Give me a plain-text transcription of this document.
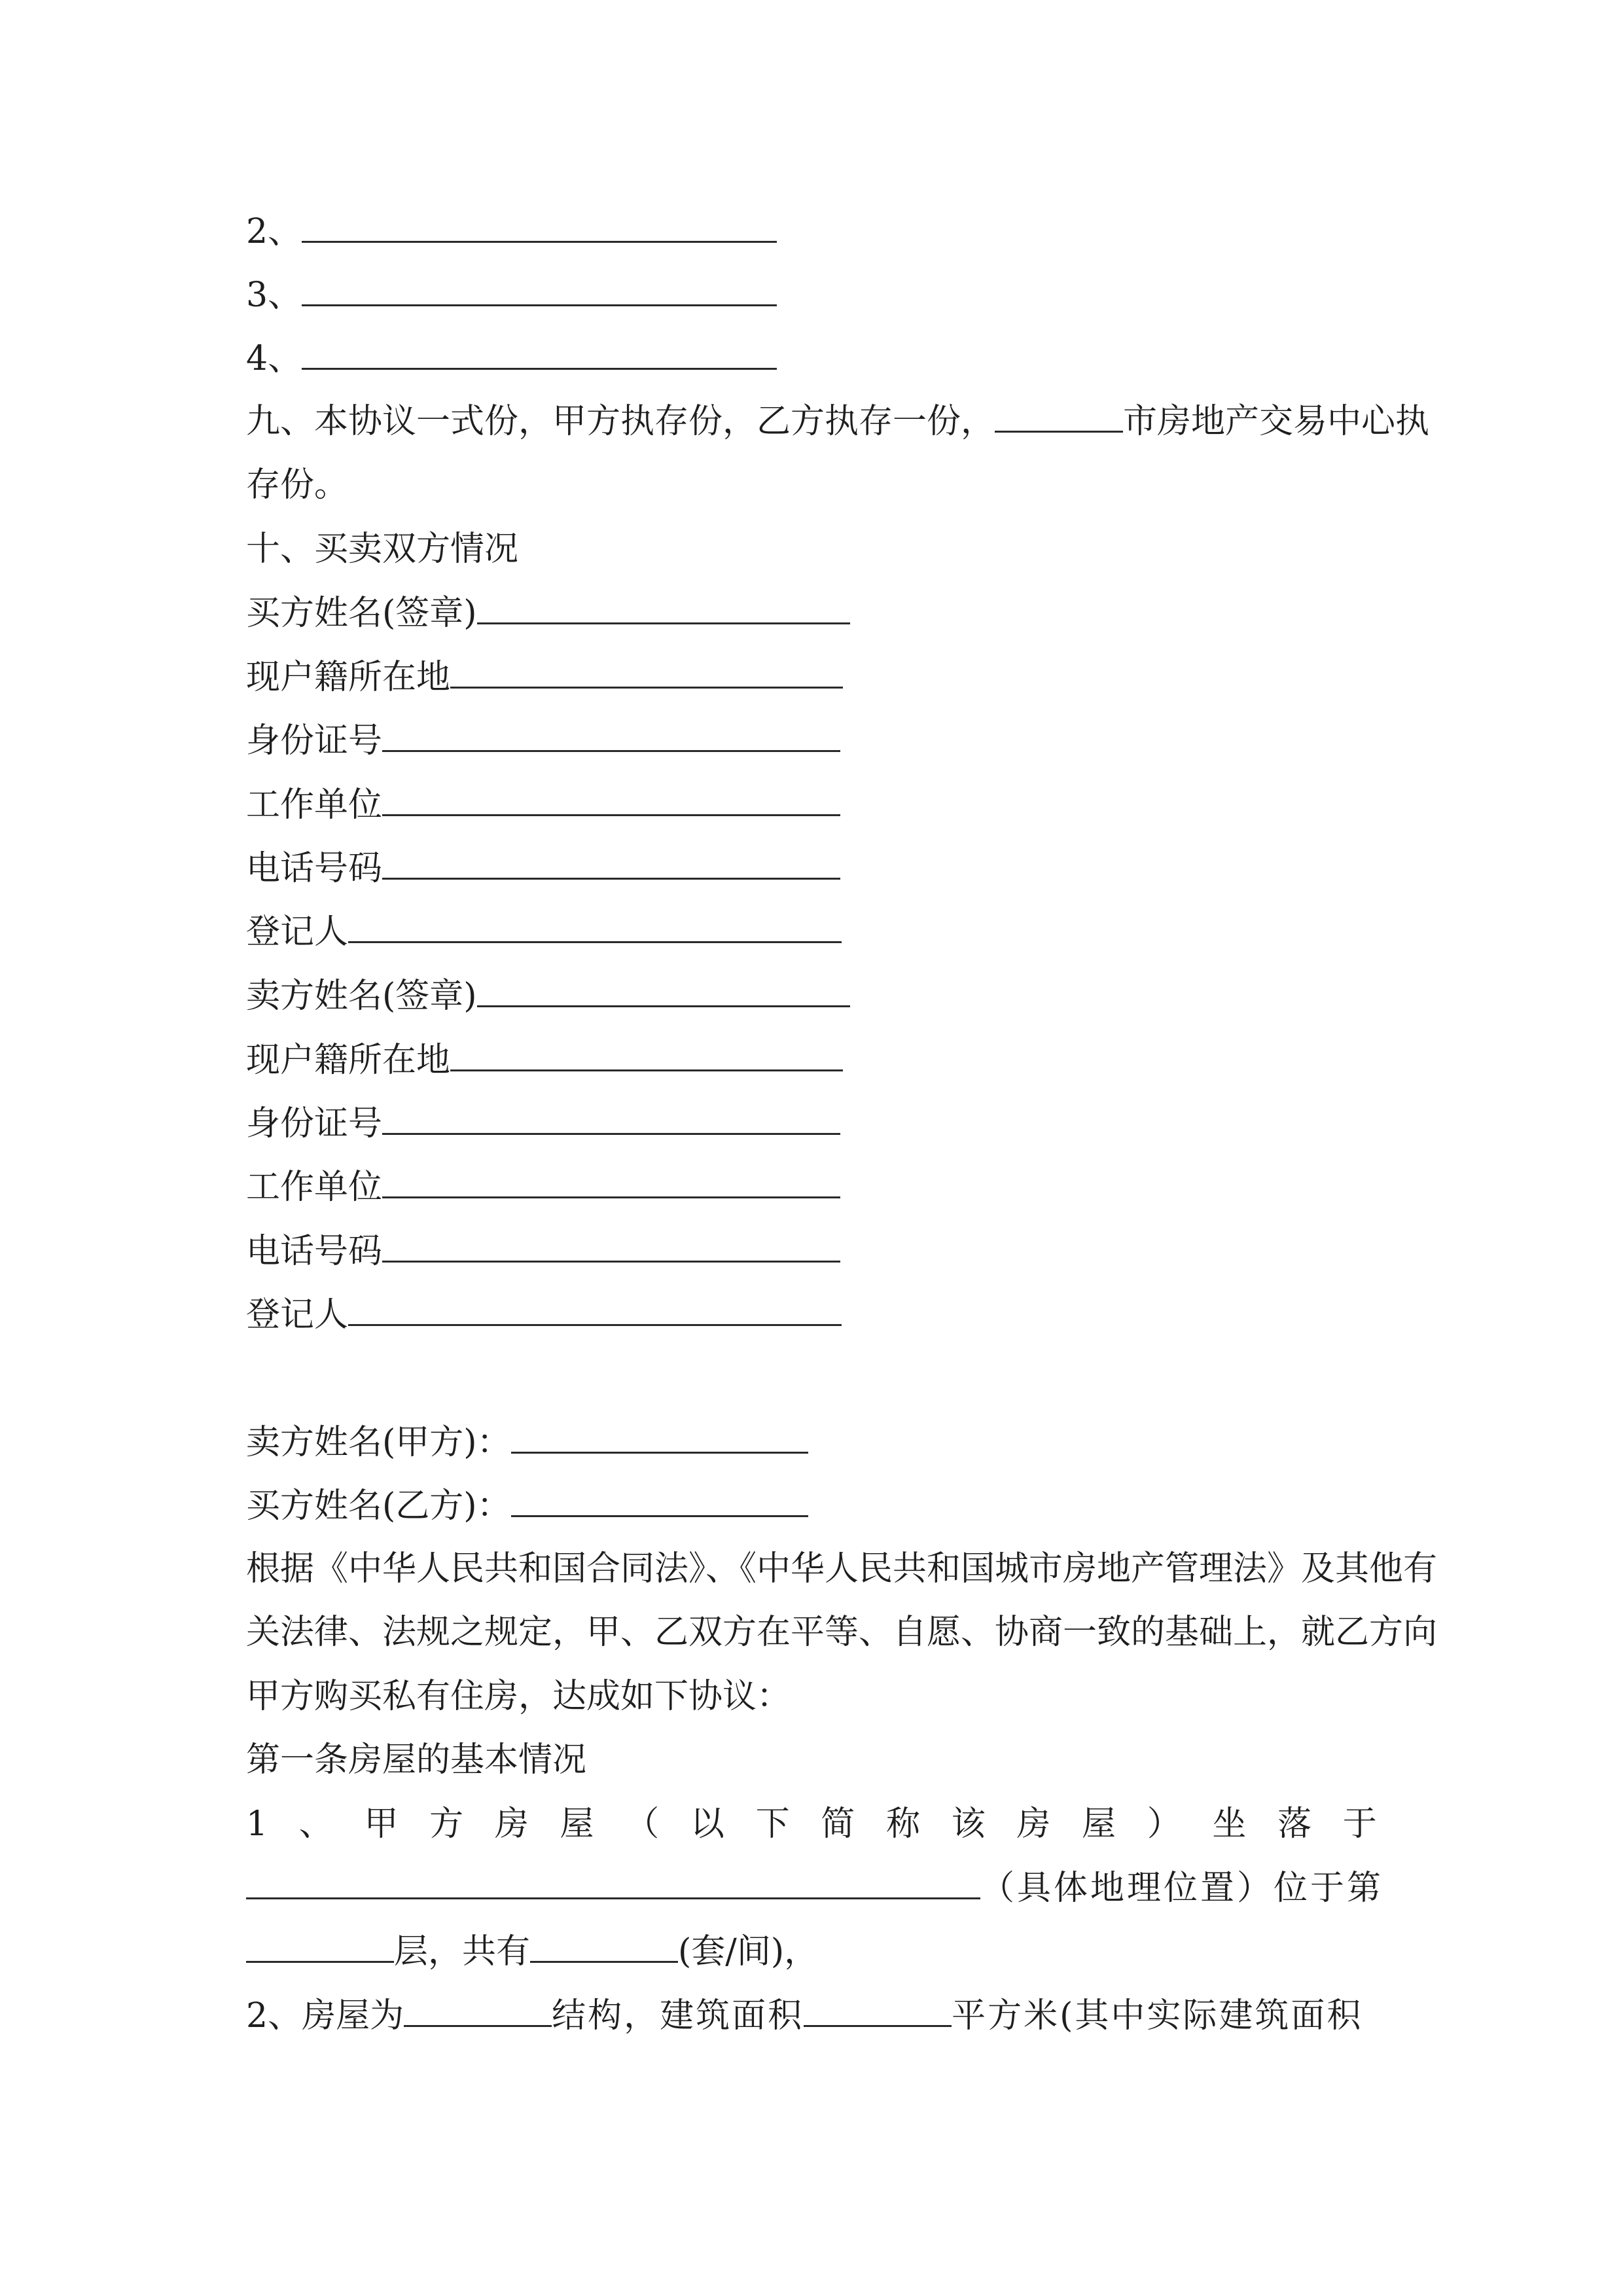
2、
3、
4、
九、本协议一式份，甲方执存份，乙方执存一份，	市房地产交易中心执
存份。
十、买卖双方情况
买方姓名(签章)
现户籍所在地
身份证号
工作单位
电话号码
登记人
卖方姓名(签章)
现户籍所在地
身份证号
工作单位
电话号码
登记人
卖方姓名(甲方)：
买方姓名(乙方)：
根据《中华人民共和国合同法》、《中华人民共和国城市房地产管理法》及其他有
关法律、法规之规定，甲、乙双方在平等、自愿、协商一致的基础上，就乙方向
甲方购买私有住房，达成如下协议：
第一条房屋的基本情况
1 、 甲 方 房 屋 （ 以 下 简 称 该 房 屋 ） 坐 落 于
（具体地理位置）位于第
层，共有	(套/间)，
2、房屋为	结构，建筑面积	平方米(其中实际建筑面积
